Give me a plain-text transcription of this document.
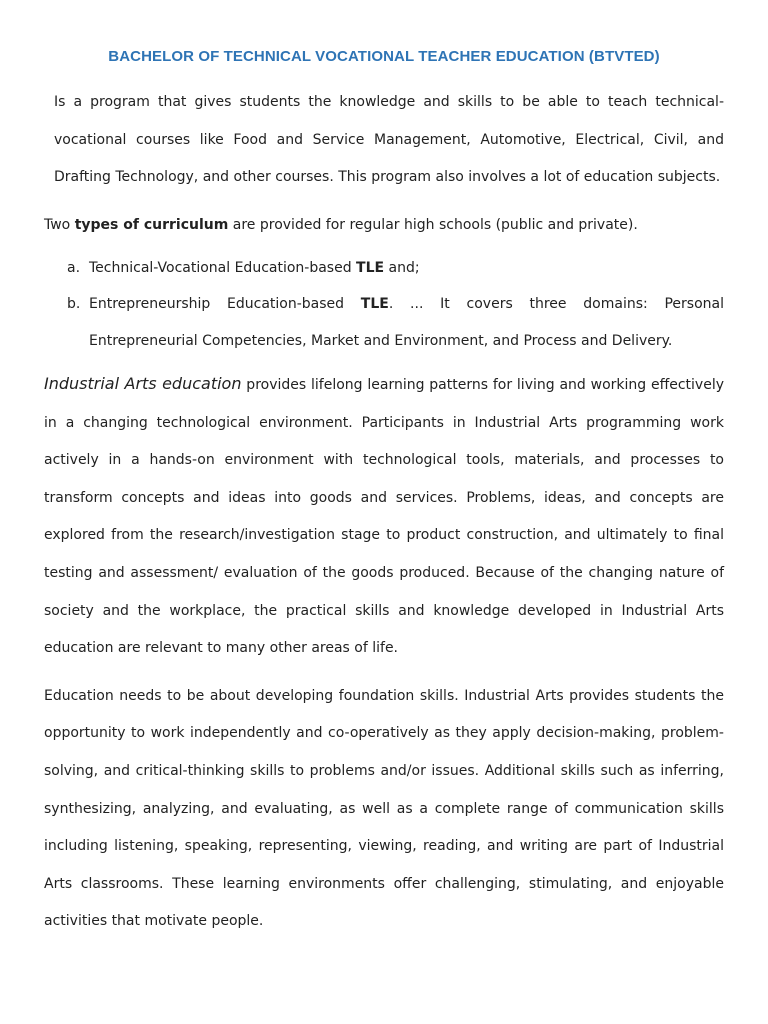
BACHELOR OF TECHNICAL VOCATIONAL TEACHER EDUCATION (BTVTED)

Is a program that gives students the knowledge and skills to be able to teach technical-vocational courses like Food and Service Management, Automotive, Electrical, Civil, and Drafting Technology, and other courses. This program also involves a lot of education subjects.

Two types of curriculum are provided for regular high schools (public and private).

a. Technical-Vocational Education-based TLE and;
b. Entrepreneurship Education-based TLE. ... It covers three domains: Personal Entrepreneurial Competencies, Market and Environment, and Process and Delivery.

Industrial Arts education provides lifelong learning patterns for living and working effectively in a changing technological environment. Participants in Industrial Arts programming work actively in a hands-on environment with technological tools, materials, and processes to transform concepts and ideas into goods and services. Problems, ideas, and concepts are explored from the research/investigation stage to product construction, and ultimately to final testing and assessment/ evaluation of the goods produced. Because of the changing nature of society and the workplace, the practical skills and knowledge developed in Industrial Arts education are relevant to many other areas of life.

Education needs to be about developing foundation skills. Industrial Arts provides students the opportunity to work independently and co-operatively as they apply decision-making, problem-solving, and critical-thinking skills to problems and/or issues. Additional skills such as inferring, synthesizing, analyzing, and evaluating, as well as a complete range of communication skills including listening, speaking, representing, viewing, reading, and writing are part of Industrial Arts classrooms. These learning environments offer challenging, stimulating, and enjoyable activities that motivate people.
